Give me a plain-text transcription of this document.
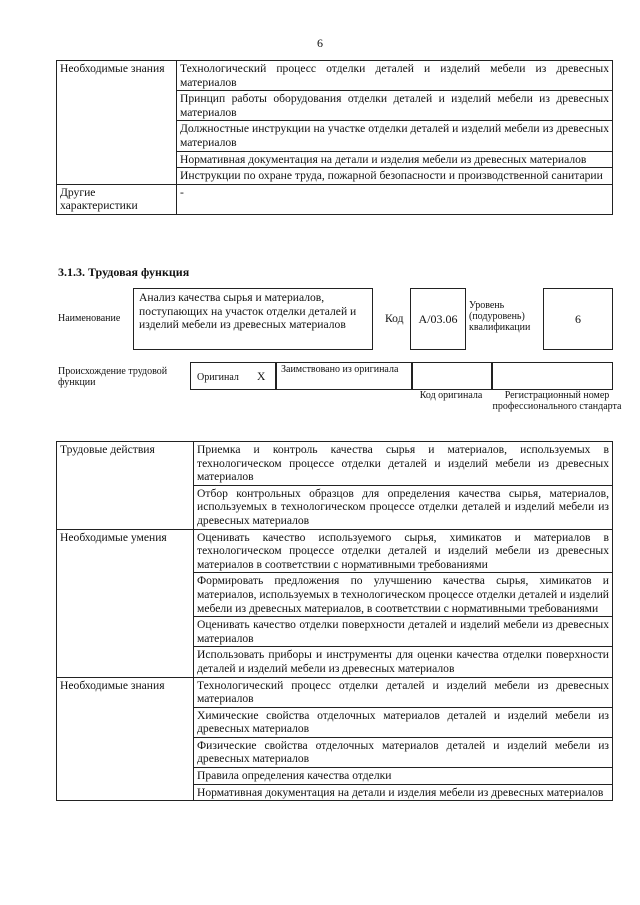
6
Необходимые знания	Технологический процесс отделки деталей и изделий мебели из древесных материалов
	Принцип работы оборудования отделки деталей и изделий мебели из древесных материалов
	Должностные инструкции на участке отделки деталей и изделий мебели из древесных материалов
	Нормативная документация на детали и изделия мебели из древесных материалов
	Инструкции по охране труда, пожарной безопасности и производственной санитарии
Другие характеристики	-
3.1.3. Трудовая функция
Наименование
Анализ качества сырья и материалов, поступающих на участок отделки деталей и изделий мебели из древесных материалов	Код А/03.06
Уровень (подуровень) квалификации
6
Происхождение трудовой функции	Оригинал X
Заимствовано из оригинала
Код оригинала	Регистрационный номер профессионального стандарта
Трудовые действия	Приемка и контроль качества сырья и материалов, используемых в технологическом процессе отделки деталей и изделий мебели из древесных материалов
	Отбор контрольных образцов для определения качества сырья, материалов, используемых в технологическом процессе отделки деталей и изделий мебели из древесных материалов
Необходимые умения	Оценивать качество используемого сырья, химикатов и материалов в технологическом процессе отделки деталей и изделий мебели из древесных материалов в соответствии с нормативными требованиями
	Формировать предложения по улучшению качества сырья, химикатов и материалов, используемых в технологическом процессе отделки деталей и изделий мебели из древесных материалов, в соответствии с нормативными требованиями
	Оценивать качество отделки поверхности деталей и изделий мебели из древесных материалов
	Использовать приборы и инструменты для оценки качества отделки поверхности деталей и изделий мебели из древесных материалов
Необходимые знания	Технологический процесс отделки деталей и изделий мебели из древесных материалов
	Химические свойства отделочных материалов деталей и изделий мебели из древесных материалов
	Физические свойства отделочных материалов деталей и изделий мебели из древесных материалов
	Правила определения качества отделки
	Нормативная документация на детали и изделия мебели из древесных материалов
